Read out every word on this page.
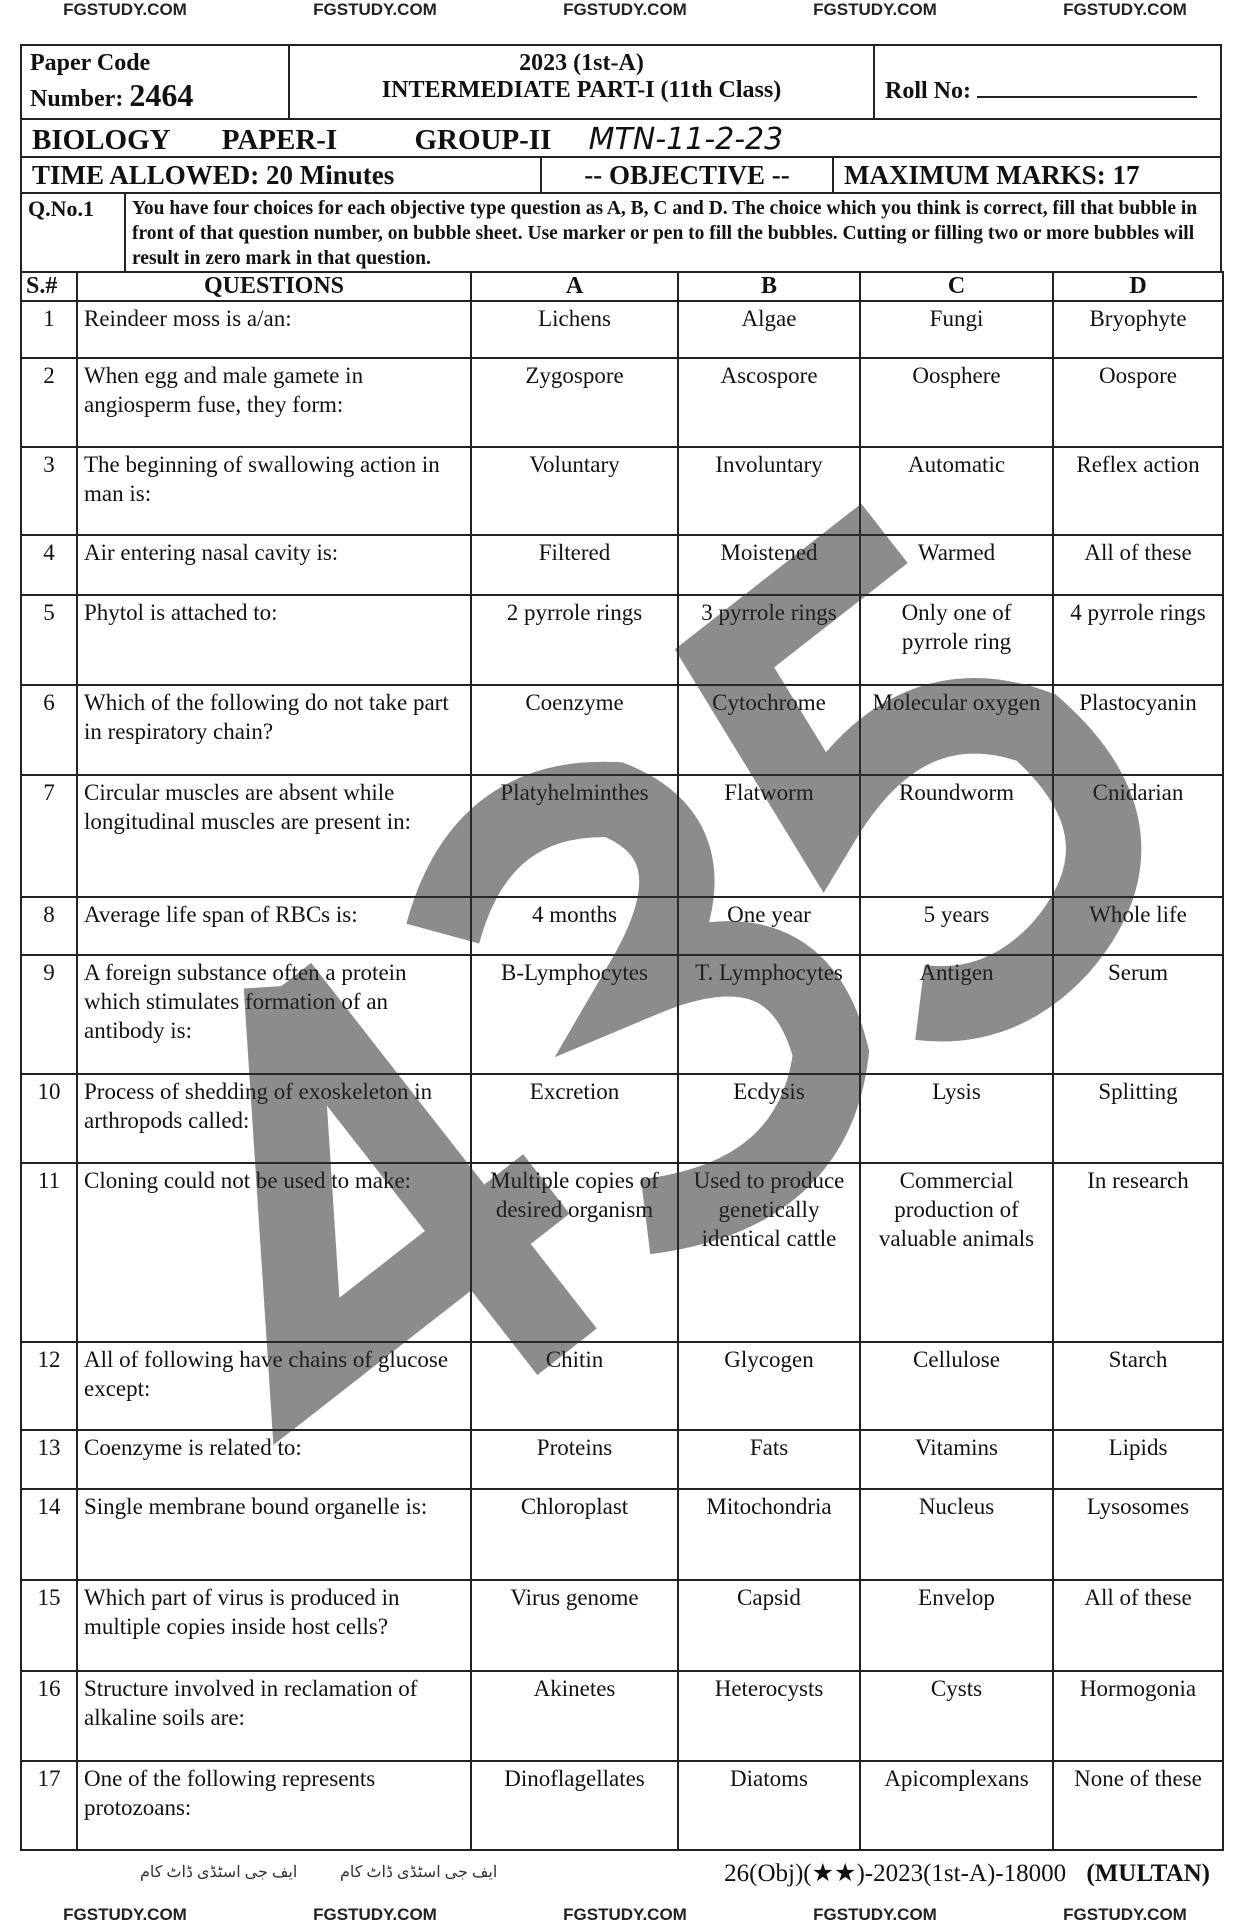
FGSTUDY.COM	FGSTUDY.COM	FGSTUDY.COM	FGSTUDY.COM	FGSTUDY.COM
Paper Code
Number: 2464
2023 (1st-A)
INTERMEDIATE PART-I (11th Class)	Roll No:
BIOLOGY PAPER-I	GROUP-II MTN-11-2-23
TIME ALLOWED: 20 Minutes	-- OBJECTIVE --	MAXIMUM MARKS: 17
Q.No.1	You have four choices for each objective type question as A, B, C and D. The choice which you think is correct, fill that bubble in front of that question number, on bubble sheet. Use marker or pen to fill the bubbles. Cutting or filling two or more bubbles will result in zero mark in that question.
S.#	QUESTIONS	A	B	C	D
1	Reindeer moss is a/an:	Lichens	Algae	Fungi	Bryophyte
2	When egg and male gamete in angiosperm fuse, they form:	Zygospore	Ascospore	Oosphere	Oospore
3	The beginning of swallowing action in man is:	Voluntary	Involuntary	Automatic	Reflex action
4	Air entering nasal cavity is:	Filtered	Moistened	Warmed	All of these
5	Phytol is attached to:	2 pyrrole rings	3 pyrrole rings	Only one of pyrrole ring	4 pyrrole rings
6	Which of the following do not take part in respiratory chain?	Coenzyme	Cytochrome	Molecular oxygen	Plastocyanin
7	Circular muscles are absent while longitudinal muscles are present in:	Platyhelminthes	Flatworm	Roundworm	Cnidarian
8	Average life span of RBCs is:	4 months	One year	5 years	Whole life
9	A foreign substance often a protein which stimulates formation of an antibody is:	B-Lymphocytes	T. Lymphocytes	Antigen	Serum
10	Process of shedding of exoskeleton in arthropods called:	Excretion	Ecdysis	Lysis	Splitting
11	Cloning could not be used to make:	Multiple copies of desired organism	Used to produce genetically identical cattle	Commercial production of valuable animals	In research
12	All of following have chains of glucose except:	Chitin	Glycogen	Cellulose	Starch
13	Coenzyme is related to:	Proteins	Fats	Vitamins	Lipids
14	Single membrane bound organelle is:	Chloroplast	Mitochondria	Nucleus	Lysosomes
15	Which part of virus is produced in multiple copies inside host cells?	Virus genome	Capsid	Envelop	All of these
16	Structure involved in reclamation of alkaline soils are:	Akinetes	Heterocysts	Cysts	Hormogonia
17	One of the following represents protozoans:	Dinoflagellates	Diatoms	Apicomplexans	None of these
ایف جی اسٹڈی ڈاٹ کام	ایف جی اسٹڈی ڈاٹ کام	26(Obj)(★★)-2023(1st-A)-18000 (MULTAN)
FGSTUDY.COM	FGSTUDY.COM	FGSTUDY.COM	FGSTUDY.COM	FGSTUDY.COM
